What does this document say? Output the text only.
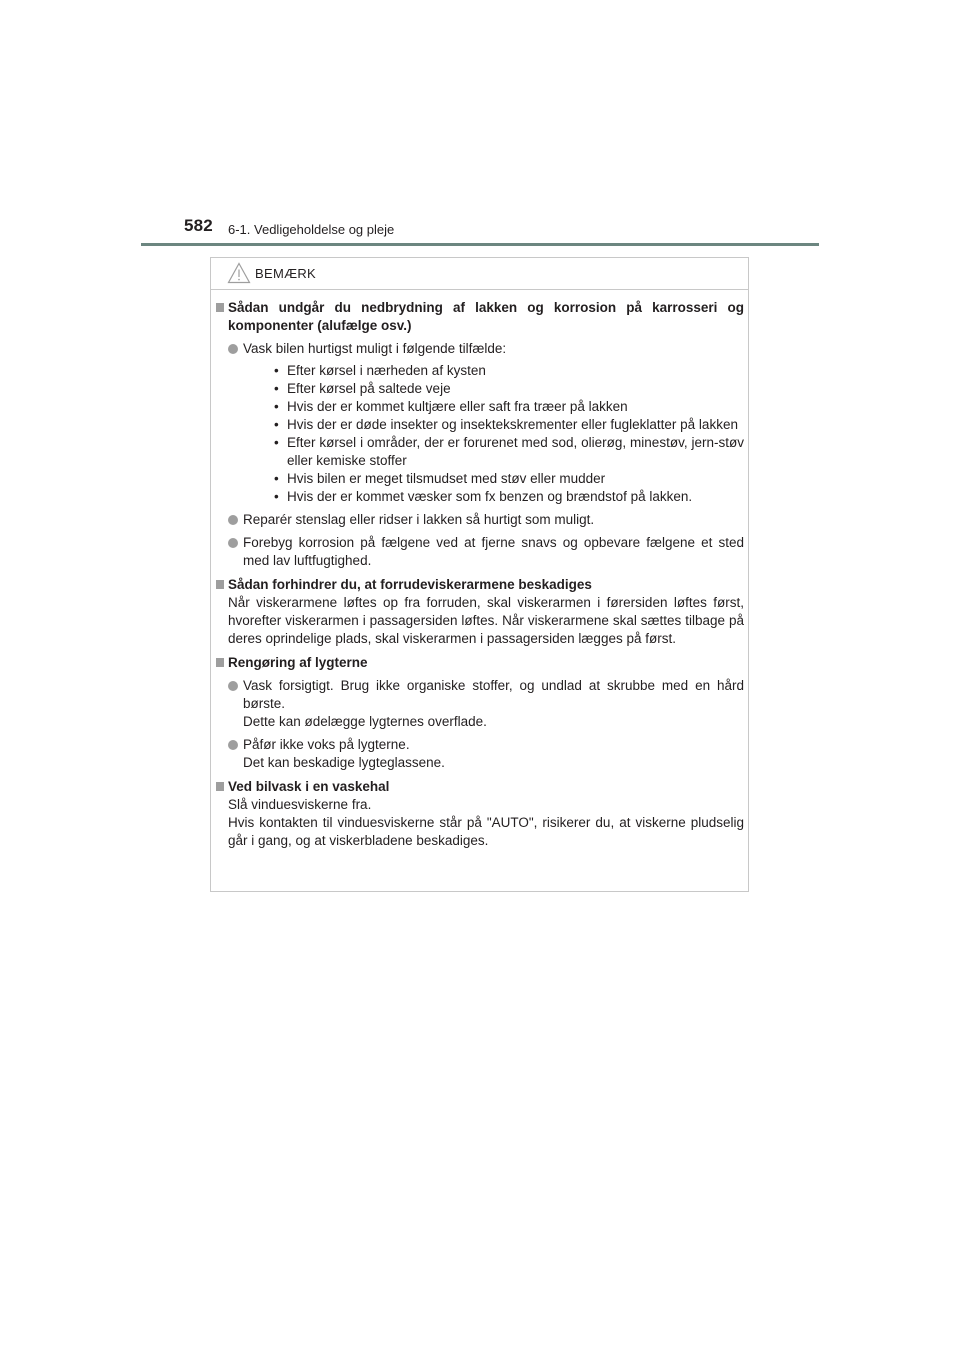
582 6-1. Vedligeholdelse og pleje
BEMÆRK
Sådan undgår du nedbrydning af lakken og korrosion på karrosseri og komponenter (alufælge osv.)
Vask bilen hurtigst muligt i følgende tilfælde:
• Efter kørsel i nærheden af kysten
• Efter kørsel på saltede veje
• Hvis der er kommet kultjære eller saft fra træer på lakken
• Hvis der er døde insekter og insektekskrementer eller fugleklatter på lakken
• Efter kørsel i områder, der er forurenet med sod, olierøg, minestøv, jern-støv eller kemiske stoffer
• Hvis bilen er meget tilsmudset med støv eller mudder
• Hvis der er kommet væsker som fx benzen og brændstof på lakken.
Reparér stenslag eller ridser i lakken så hurtigt som muligt.
Forebyg korrosion på fælgene ved at fjerne snavs og opbevare fælgene et sted med lav luftfugtighed.
Sådan forhindrer du, at forrudeviskerarmene beskadiges
Når viskerarmene løftes op fra forruden, skal viskerarmen i førersiden løftes først, hvorefter viskerarmen i passagersiden løftes. Når viskerarmene skal sættes tilbage på deres oprindelige plads, skal viskerarmen i passagersiden lægges på først.
Rengøring af lygterne
Vask forsigtigt. Brug ikke organiske stoffer, og undlad at skrubbe med en hård børste.
Dette kan ødelægge lygternes overflade.
Påfør ikke voks på lygterne.
Det kan beskadige lygteglassene.
Ved bilvask i en vaskehal
Slå vinduesviskerne fra.
Hvis kontakten til vinduesviskerne står på "AUTO", risikerer du, at viskerne pludselig går i gang, og at viskerbladene beskadiges.
